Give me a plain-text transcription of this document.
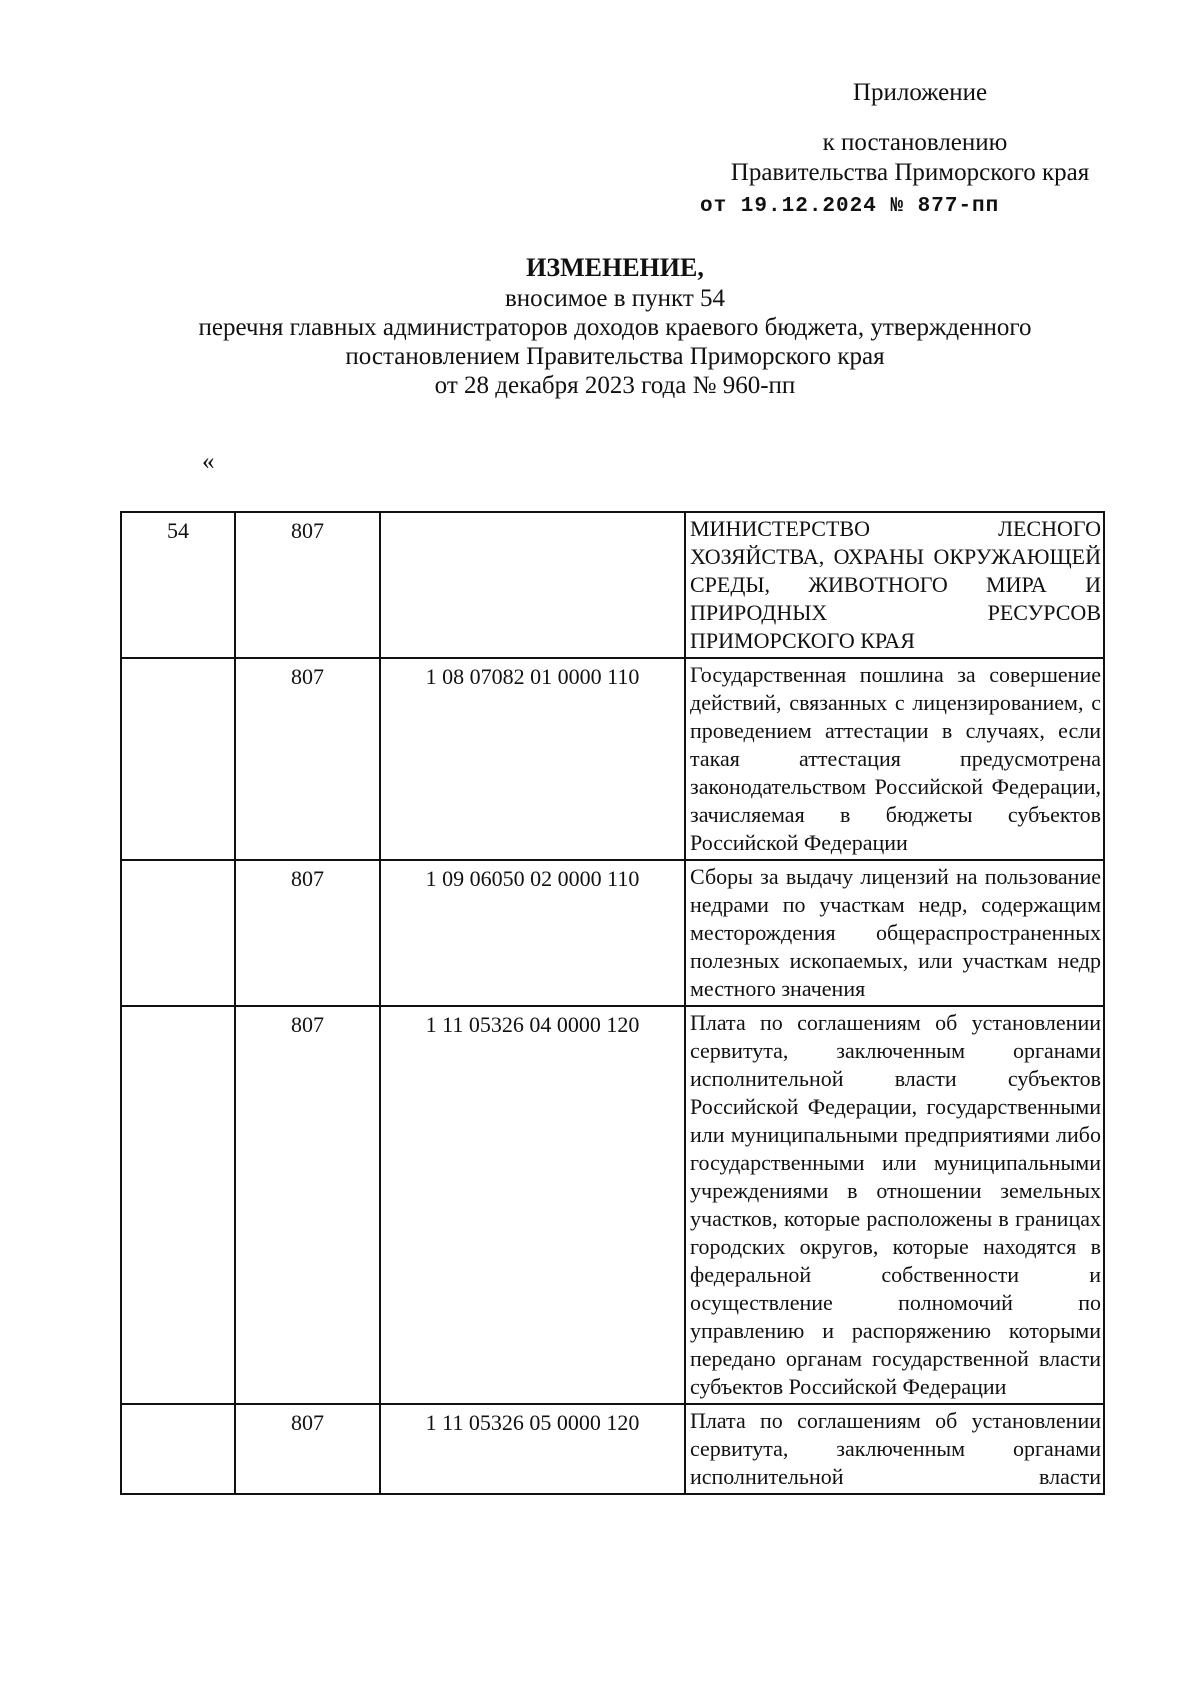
Приложение
к постановлению
Правительства Приморского края
от 19.12.2024 № 877-пп

ИЗМЕНЕНИЕ,

вносимое в пункт 54

перечня главных администраторов доходов краевого бюджета, утвержденного

постановлением Правительства Приморского края

от 28 декабря 2023 года № 960-пп

«
54	807		МИНИСТЕРСТВО ЛЕСНОГО ХОЗЯЙСТВА, ОХРАНЫ ОКРУЖАЮЩЕЙ СРЕДЫ, ЖИВОТНОГО МИРА И ПРИРОДНЫХ РЕСУРСОВ ПРИМОРСКОГО КРАЯ
	807	1 08 07082 01 0000 110	Государственная пошлина за совершение действий, связанных с лицензированием, с проведением аттестации в случаях, если такая аттестация предусмотрена законодательством Российской Федерации, зачисляемая в бюджеты субъектов Российской Федерации
	807	1 09 06050 02 0000 110	Сборы за выдачу лицензий на пользование недрами по участкам недр, содержащим месторождения общераспространенных полезных ископаемых, или участкам недр местного значения
	807	1 11 05326 04 0000 120	Плата по соглашениям об установлении сервитута, заключенным органами исполнительной власти субъектов Российской Федерации, государственными или муниципальными предприятиями либо государственными или муниципальными учреждениями в отношении земельных участков, которые расположены в границах городских округов, которые находятся в федеральной собственности и осуществление полномочий по управлению и распоряжению которыми передано органам государственной власти субъектов Российской Федерации
	807	1 11 05326 05 0000 120	Плата по соглашениям об установлении сервитута, заключенным органами исполнительной власти
